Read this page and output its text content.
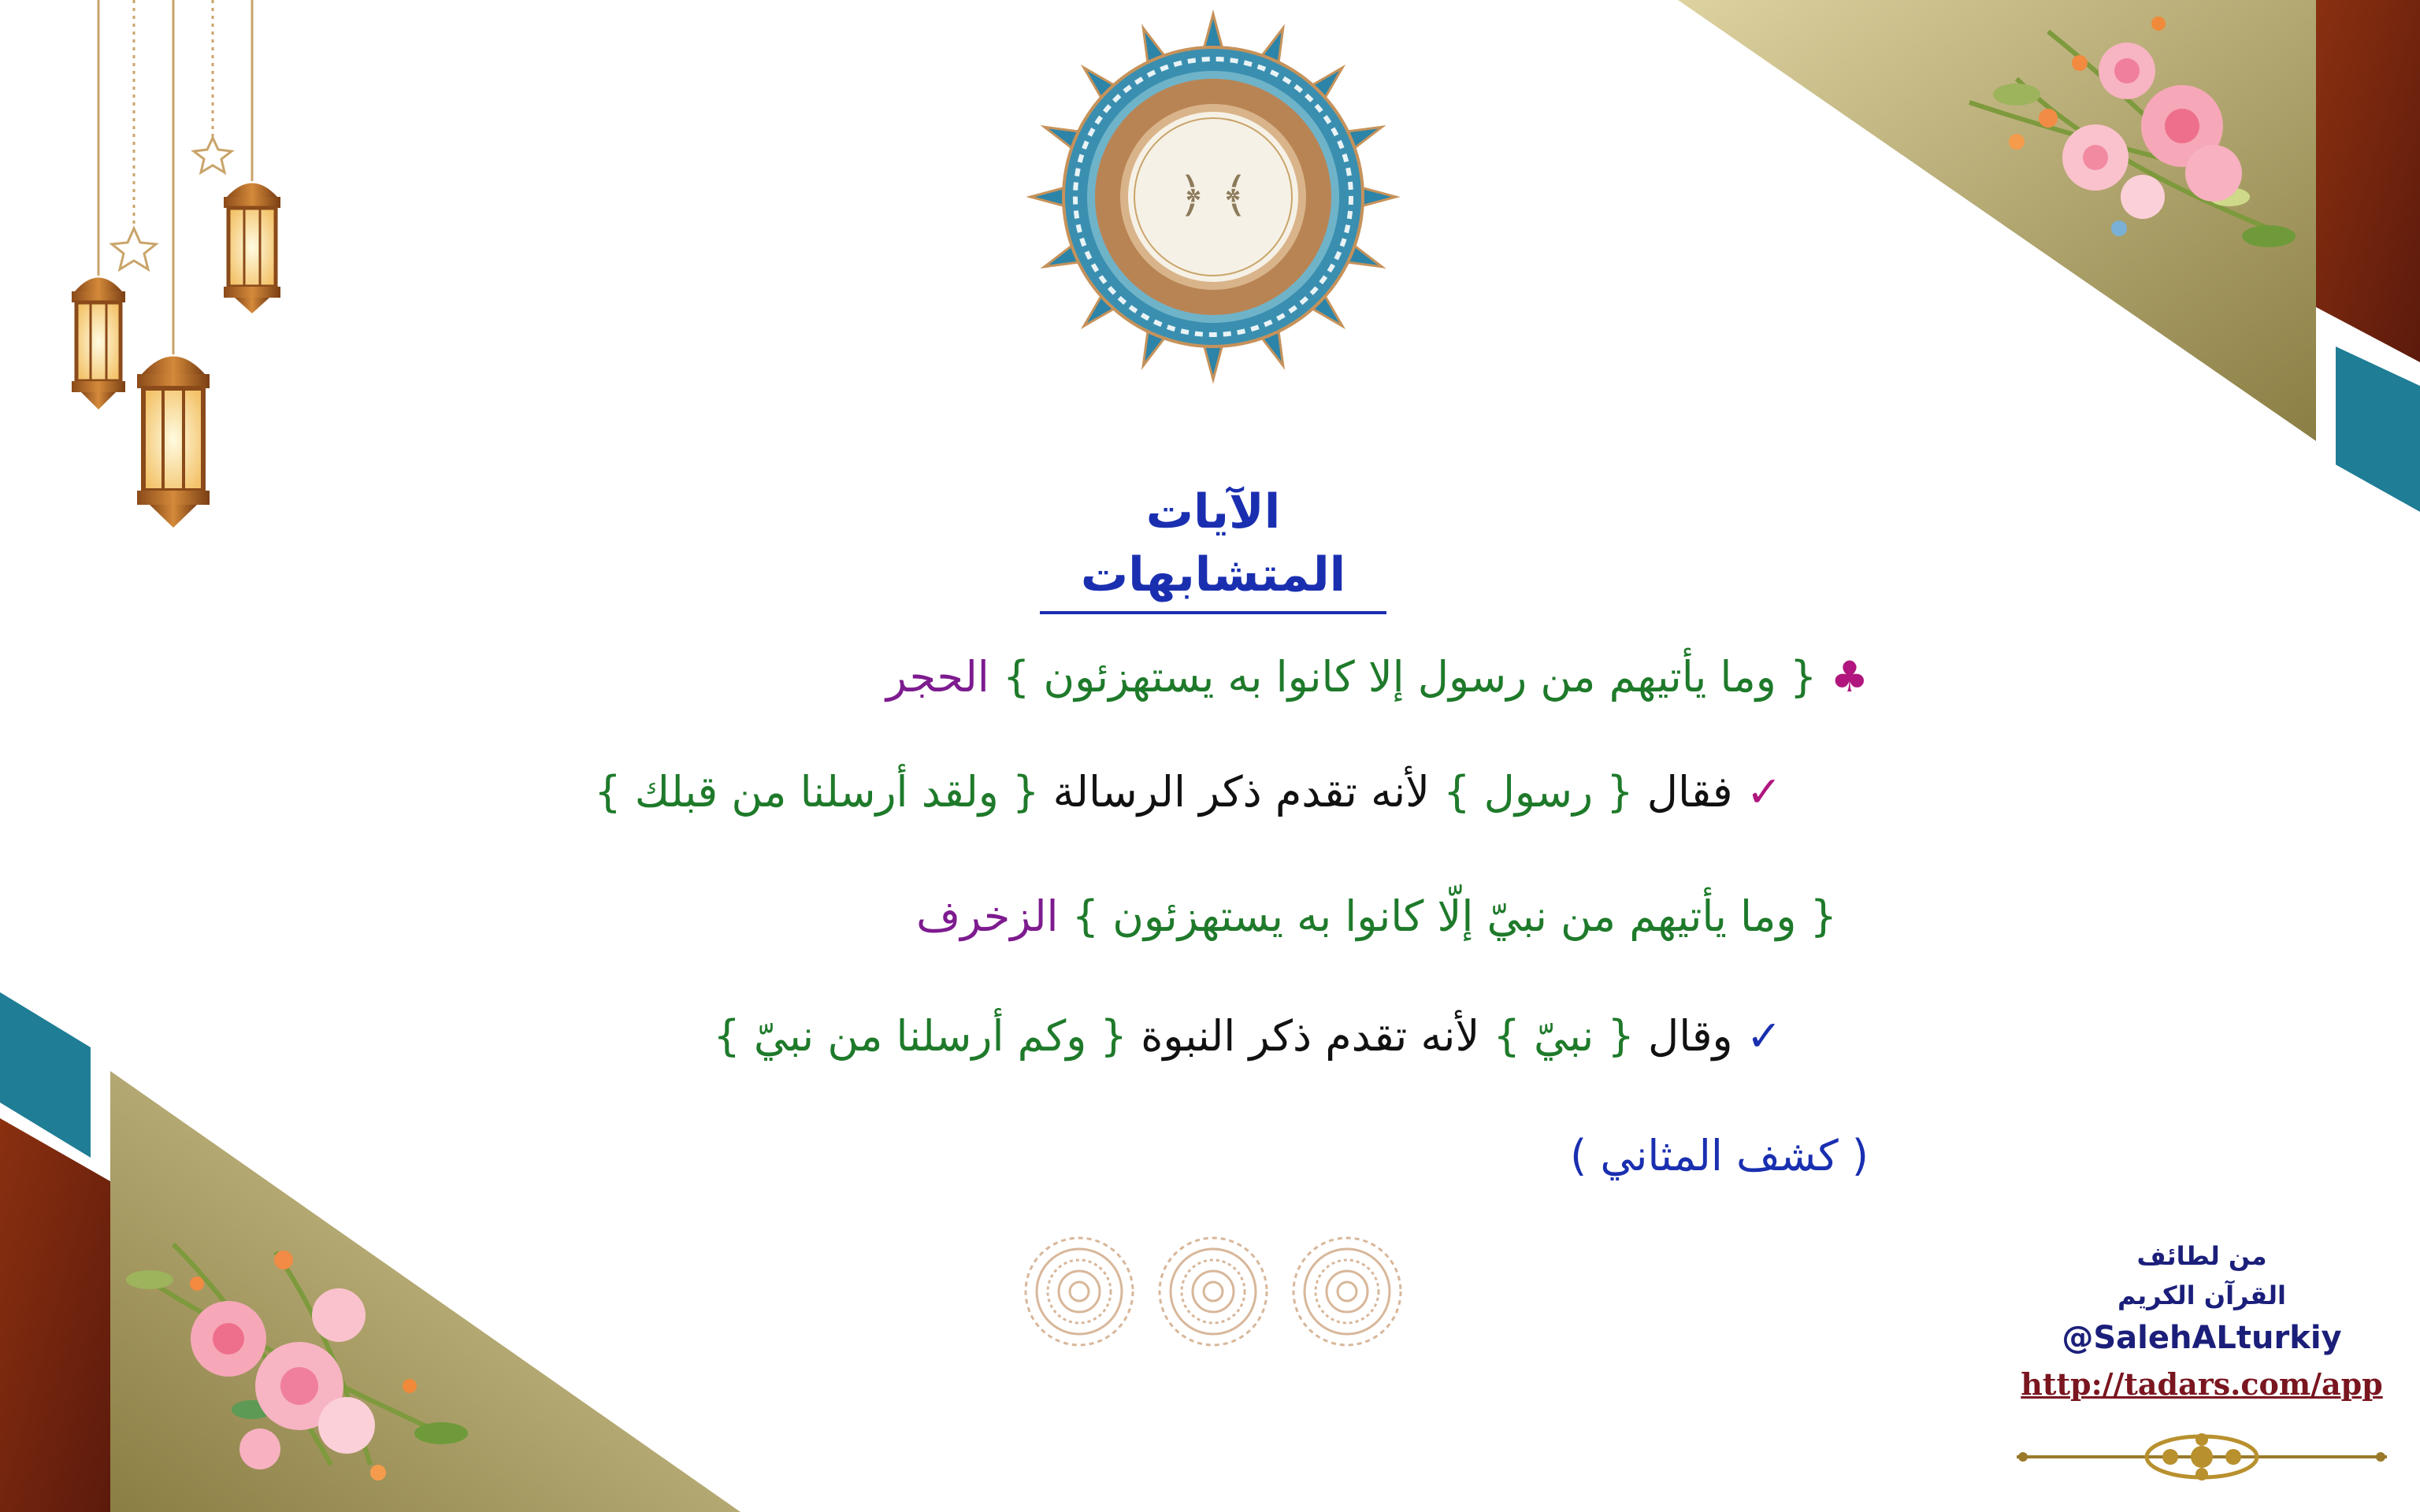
﴿ ﴾
الآيات المتشابهات
♣ { وما يأتيهم من رسول إلا كانوا به يستهزئون } الحجر
✓ فقال { رسول } لأنه تقدم ذكر الرسالة { ولقد أرسلنا من قبلك }
{ وما يأتيهم من نبيّ إلّا كانوا به يستهزئون } الزخرف
✓ وقال { نبيّ } لأنه تقدم ذكر النبوة { وكم أرسلنا من نبيّ }
( كشف المثاني )
من لطائف
القرآن الكريم
@SalehALturkiy
http://tadars.com/app
